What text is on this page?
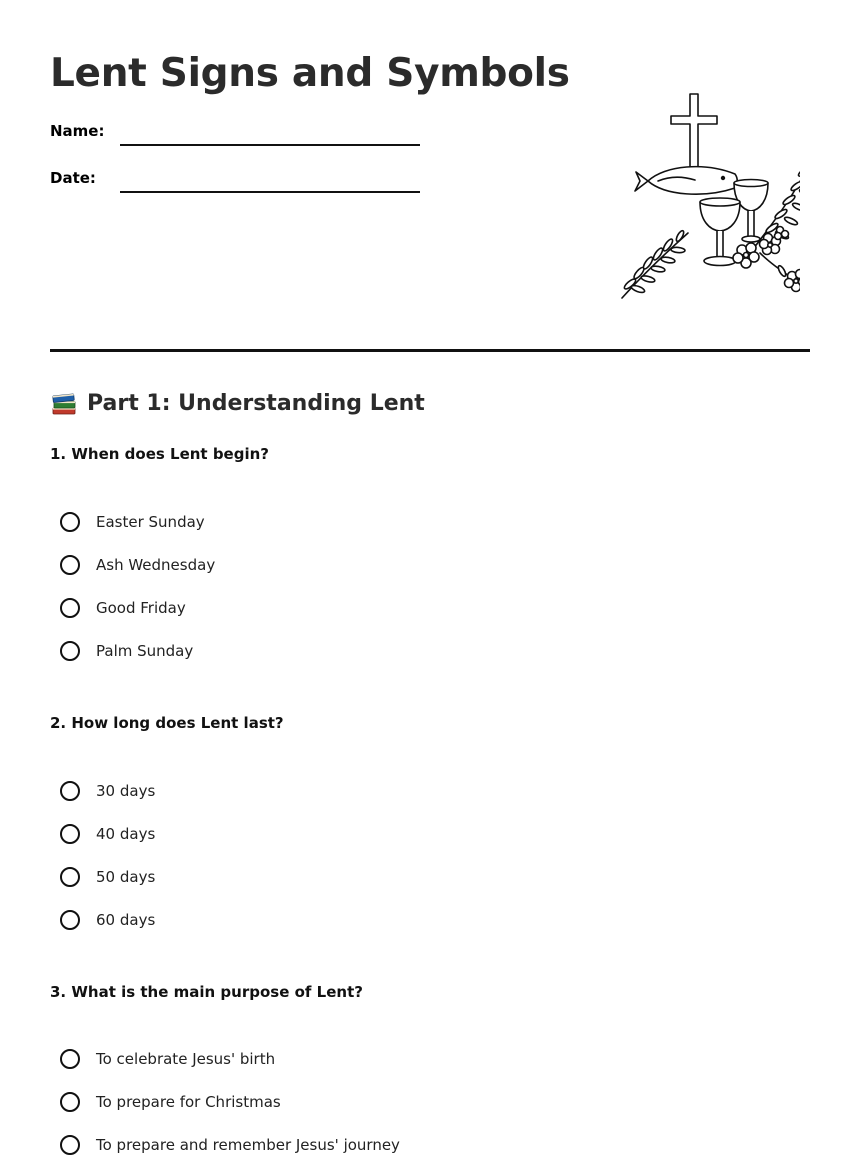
Lent Signs and Symbols
Name:
Date:
Part 1: Understanding Lent

1. When does Lent begin?

Easter Sunday
Ash Wednesday
Good Friday
Palm Sunday

2. How long does Lent last?

30 days
40 days
50 days
60 days

3. What is the main purpose of Lent?

To celebrate Jesus' birth
To prepare for Christmas
To prepare and remember Jesus' journey
